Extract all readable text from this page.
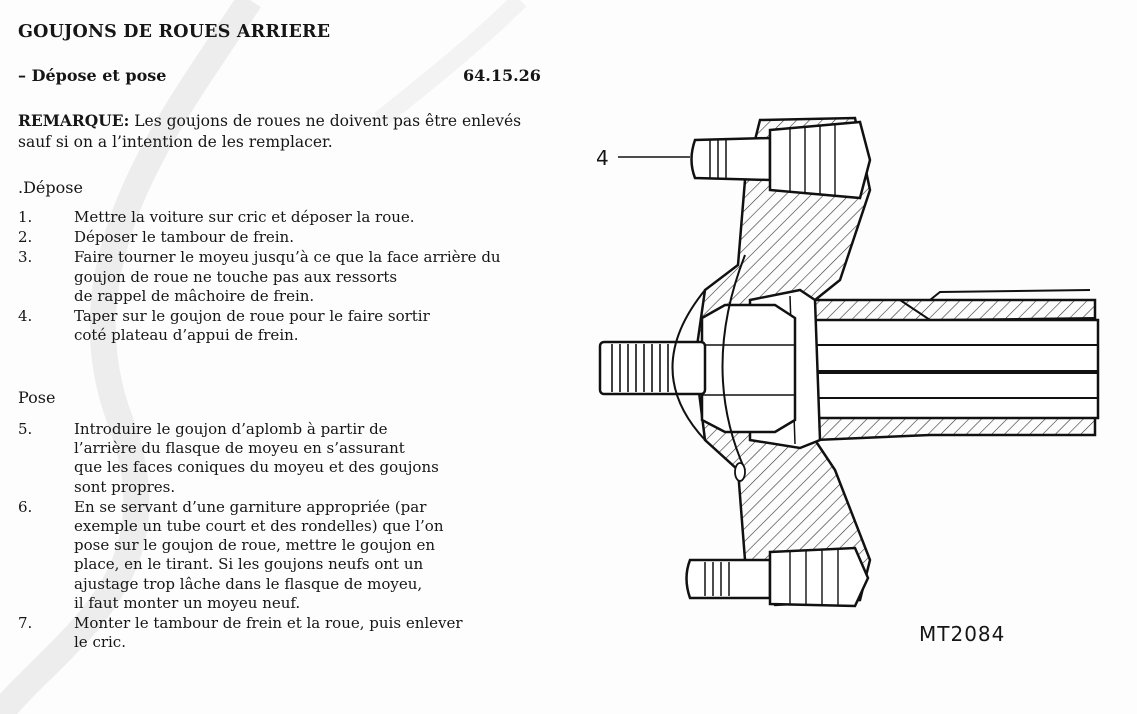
GOUJONS DE ROUES ARRIERE
– Dépose et pose	64.15.26
REMARQUE: Les goujons de roues ne doivent pas être enlevés sauf si on a l’intention de les remplacer.
.Dépose
1.	Mettre la voiture sur cric et déposer la roue.
2.	Déposer le tambour de frein.
3.	Faire tourner le moyeu jusqu’à ce que la face arrière du
goujon de roue ne touche pas aux ressorts
de rappel de mâchoire de frein.
4.	Taper sur le goujon de roue pour le faire sortir
coté plateau d’appui de frein.
Pose
5.	Introduire le goujon d’aplomb à partir de
l’arrière du flasque de moyeu en s’assurant
que les faces coniques du moyeu et des goujons
sont propres.
6.	En se servant d’une garniture appropriée (par
exemple un tube court et des rondelles) que l’on
pose sur le goujon de roue, mettre le goujon en
place, en le tirant. Si les goujons neufs ont un
ajustage trop lâche dans le flasque de moyeu,
il faut monter un moyeu neuf.
7.	Monter le tambour de frein et la roue, puis enlever
le cric.
4
MT2084
